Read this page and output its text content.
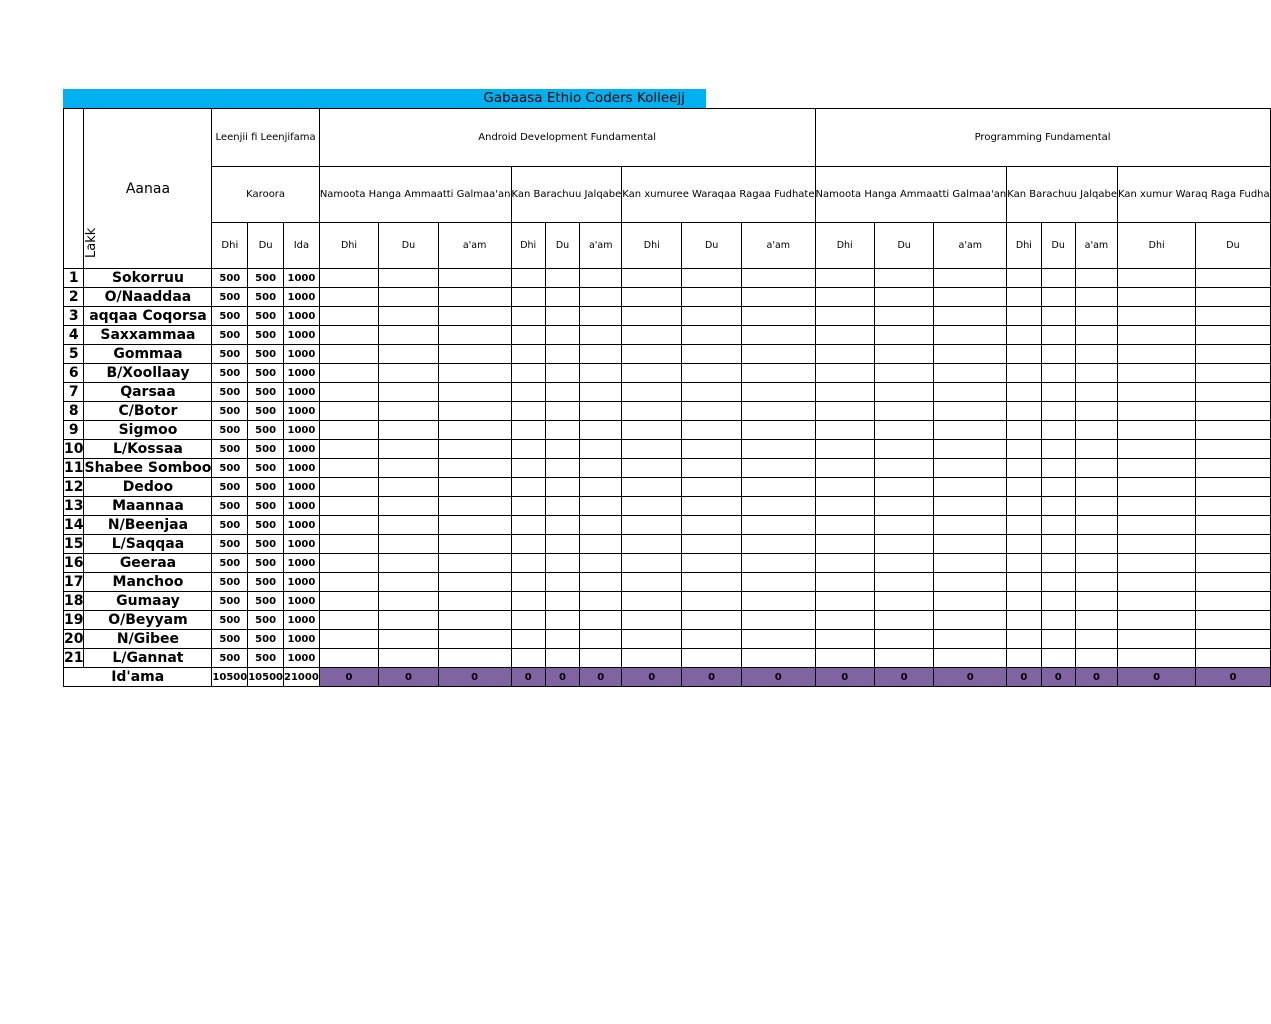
Gabaasa Ethio Coders Kolleejj
Lakk	Aanaa	Leenjii fi Leenjifama			Android Development Fundamental									Programming Fundamental							
		Karoora			Namoota Hanga Ammaatti Galmaa'an			Kan Barachuu Jalqabe			Kan xumuree Waraqaa Ragaa Fudhate			Namoota Hanga Ammaatti Galmaa'an			Kan Barachuu Jalqabe			Kan xumur Waraq Raga Fudha	
		Dhi	Du	Ida	Dhi	Du	a'am	Dhi	Du	a'am	Dhi	Du	a'am	Dhi	Du	a'am	Dhi	Du	a'am	Dhi	Du
1	Sokorruu	500	500	1000																	
2	O/Naaddaa	500	500	1000																	
3	aqqaa Coqorsa	500	500	1000																	
4	Saxxammaa	500	500	1000																	
5	Gommaa	500	500	1000																	
6	B/Xoollaay	500	500	1000																	
7	Qarsaa	500	500	1000																	
8	C/Botor	500	500	1000																	
9	Sigmoo	500	500	1000																	
10	L/Kossaa	500	500	1000																	
11	Shabee Somboo	500	500	1000																	
12	Dedoo	500	500	1000																	
13	Maannaa	500	500	1000																	
14	N/Beenjaa	500	500	1000																	
15	L/Saqqaa	500	500	1000																	
16	Geeraa	500	500	1000																	
17	Manchoo	500	500	1000																	
18	Gumaay	500	500	1000																	
19	O/Beyyam	500	500	1000																	
20	N/Gibee	500	500	1000																	
21	L/Gannat	500	500	1000																	
Id'ama		10500	10500	21000	0	0	0	0	0	0	0	0	0	0	0	0	0	0	0	0	0
